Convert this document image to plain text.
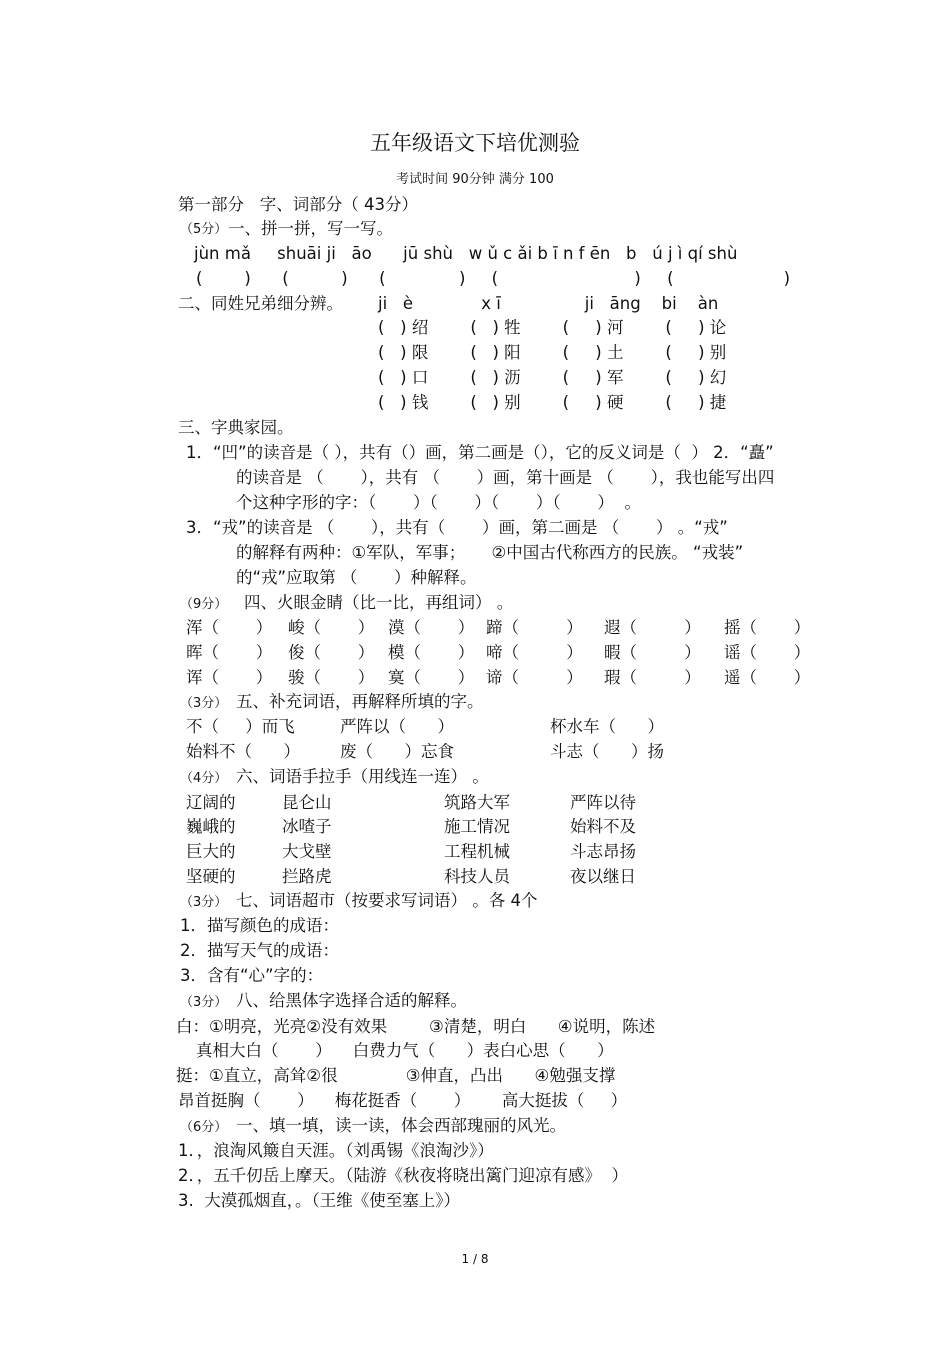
五年级语文下培优测验
考试时间 90分钟 满分 100
第一部分   字、词部分（ 43分）
（5分） 一、拼一拼，写一写。
jùn mǎ     shuāi ji   āo      jū shù   w ǔ c ǎi b ī n f ēn   b   ú j ì qí shù
(        )      (          )      (              )     (                          )     (                     )
二、同姓兄弟细分辨。 ji   è             x ī                ji   āng    bi    àn
(   ) 绍        (   ) 牲        (     ) 河        (     ) 论
(   ) 限        (   ) 阳        (     ) 土        (     ) 别
(   ) 口        (   ) 沥        (     ) 军        (     ) 幻
(   ) 钱        (   ) 别        (     ) 硬        (     ) 捷
三、字典家园。
1．“凹”的读音是（ ），共有（）画，第二画是（），它的反义词是（  ） 2．“矗”
的读音是 （       ），共有 （       ）画，第十画是 （       ），我也能写出四
个这种字形的字：（       ）（       ）（       ）（       ）  。
3．“戎”的读音是 （       ），共有（       ）画，第二画是 （       ） 。“戎”
的解释有两种：①军队，军事；     ②中国古代称西方的民族。 “戎装”
的“戎”应取第 （       ）种解释。
（9分） 四、火眼金睛（比一比，再组词） 。
浑（       ） 峻（       ） 漠（       ） 蹄（         ） 遐（         ） 摇（       ）
晖（       ） 俊（       ） 模（       ） 啼（         ） 暇（         ） 谣（       ）
诨（       ） 骏（       ） 寞（       ） 谛（         ） 瑕（         ） 遥（       ）
（3分） 五、补充词语，再解释所填的字。
不（     ）而飞	严阵以（      ）	杯水车（      ）
始料不（      ） 废（      ）忘食	斗志（      ）扬
（4分） 六、词语手拉手（用线连一连） 。
辽阔的	昆仑山	筑路大军	严阵以待
巍峨的	冰喳子	施工情况	始料不及
巨大的	大戈壁	工程机械	斗志昂扬
坚硬的	拦路虎	科技人员	夜以继日
（3分） 七、词语超市（按要求写词语） 。各 4个
1．描写颜色的成语：
2．描写天气的成语：
3．含有“心”字的：
（3分） 八、给黑体字选择合适的解释。
白：①明亮，光亮②没有效果        ③清楚，明白      ④说明，陈述
真相大白（       ）    白费力气（      ）表白心思（      ）
挺：①直立，高耸②很             ③伸直，凸出      ④勉强支撑
昂首挺胸（       ）    梅花挺香（       ）      高大挺拔（     ）
（6分） 一、填一填，读一读，体会西部瑰丽的风光。
1．，浪淘风簸自天涯。（刘禹锡《浪淘沙》）
2．，五千仞岳上摩天。（陆游《秋夜将晓出篱门迎凉有感》  ）
3.  大漠孤烟直，。（王维《使至塞上》）
1 / 8
